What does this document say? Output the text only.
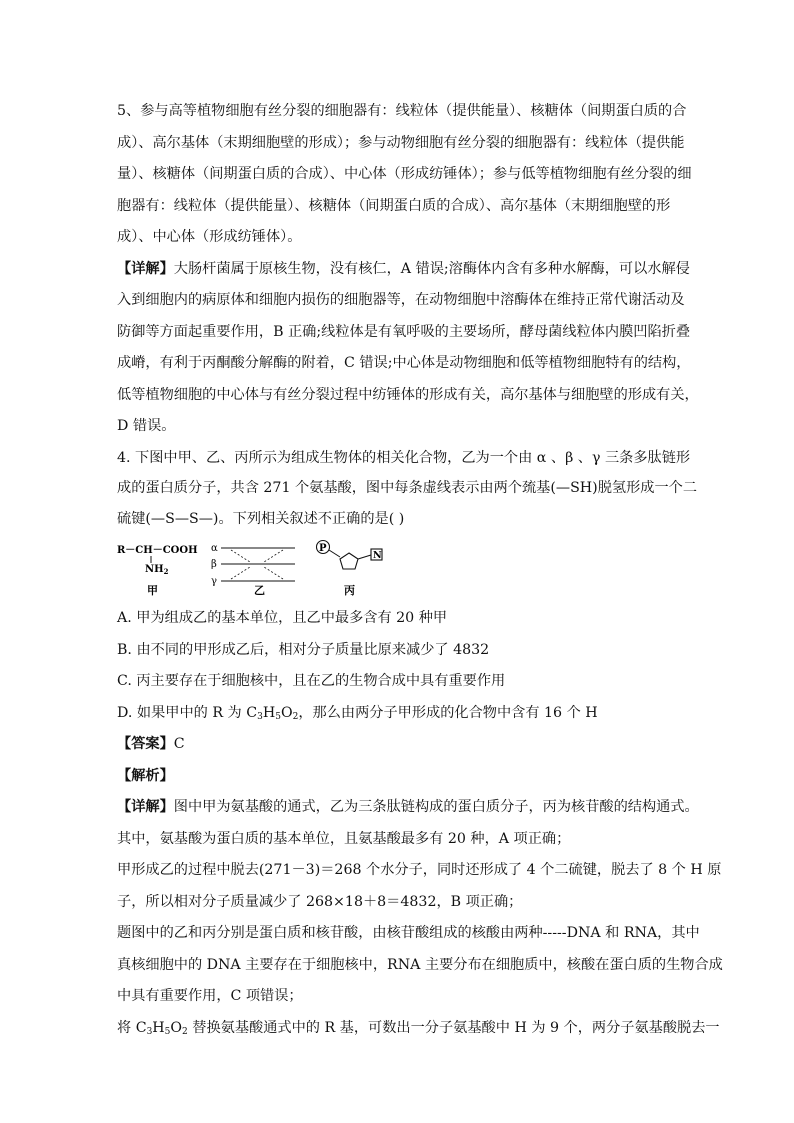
5、参与高等植物细胞有丝分裂的细胞器有：线粒体（提供能量）、核糖体（间期蛋白质的合
成）、高尔基体（末期细胞壁的形成）；参与动物细胞有丝分裂的细胞器有：线粒体（提供能
量）、核糖体（间期蛋白质的合成）、中心体（形成纺锤体）；参与低等植物细胞有丝分裂的细
胞器有：线粒体（提供能量）、核糖体（间期蛋白质的合成）、高尔基体（末期细胞壁的形
成）、中心体（形成纺锤体）。
【详解】大肠杆菌属于原核生物，没有核仁，A 错误;溶酶体内含有多种水解酶，可以水解侵
入到细胞内的病原体和细胞内损伤的细胞器等，在动物细胞中溶酶体在维持正常代谢活动及
防御等方面起重要作用，B 正确;线粒体是有氧呼吸的主要场所，酵母菌线粒体内膜凹陷折叠
成嵴，有利于丙酮酸分解酶的附着，C 错误;中心体是动物细胞和低等植物细胞特有的结构，
低等植物细胞的中心体与有丝分裂过程中纺锤体的形成有关，高尔基体与细胞壁的形成有关，
D 错误。
4. 下图中甲、乙、丙所示为组成生物体的相关化合物，乙为一个由 α 、β 、γ 三条多肽链形
成的蛋白质分子，共含 271 个氨基酸，图中每条虚线表示由两个巯基(—SH)脱氢形成一个二
硫键(—S—S—)。下列相关叙述不正确的是( )
R－CH－COOH
$NH_2$
甲
α
β
γ
乙
P
N
丙
A. 甲为组成乙的基本单位，且乙中最多含有 20 种甲
B. 由不同的甲形成乙后，相对分子质量比原来减少了 4832
C. 丙主要存在于细胞核中，且在乙的生物合成中具有重要作用
D. 如果甲中的 R 为 $C_3H_5O_2$，那么由两分子甲形成的化合物中含有 16 个 H
【答案】C
【解析】
【详解】图中甲为氨基酸的通式，乙为三条肽链构成的蛋白质分子，丙为核苷酸的结构通式。
其中，氨基酸为蛋白质的基本单位，且氨基酸最多有 20 种，A 项正确；
甲形成乙的过程中脱去(271－3)＝268 个水分子，同时还形成了 4 个二硫键，脱去了 8 个 H 原
子，所以相对分子质量减少了 268×18＋8＝4832，B 项正确；
题图中的乙和丙分别是蛋白质和核苷酸，由核苷酸组成的核酸由两种-----DNA 和 RNA，其中
真核细胞中的 DNA 主要存在于细胞核中，RNA 主要分布在细胞质中，核酸在蛋白质的生物合成
中具有重要作用，C 项错误；
将 $C_3H_5O_2$ 替换氨基酸通式中的 R 基，可数出一分子氨基酸中 H 为 9 个，两分子氨基酸脱去一
